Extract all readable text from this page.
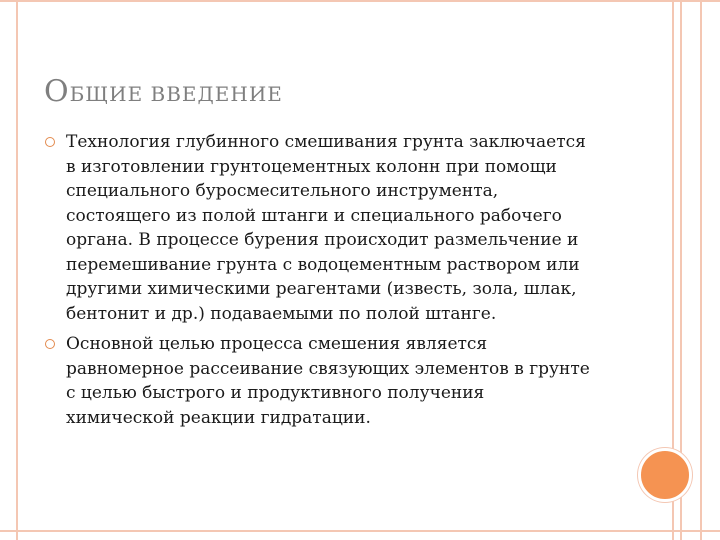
ОБЩИЕ ВВЕДЕНИЕ
Технология глубинного смешивания грунта заключается
в изготовлении грунтоцементных колонн при помощи
специального буросмесительного инструмента,
состоящего из полой штанги и специального рабочего
органа. В процессе бурения происходит размельчение и
перемешивание грунта с водоцементным раствором или
другими химическими реагентами (известь, зола, шлак,
бентонит и др.) подаваемыми по полой штанге.
Основной целью процесса смешения является
равномерное рассеивание связующих элементов в грунте
с целью быстрого и продуктивного получения
химической реакции гидратации.
